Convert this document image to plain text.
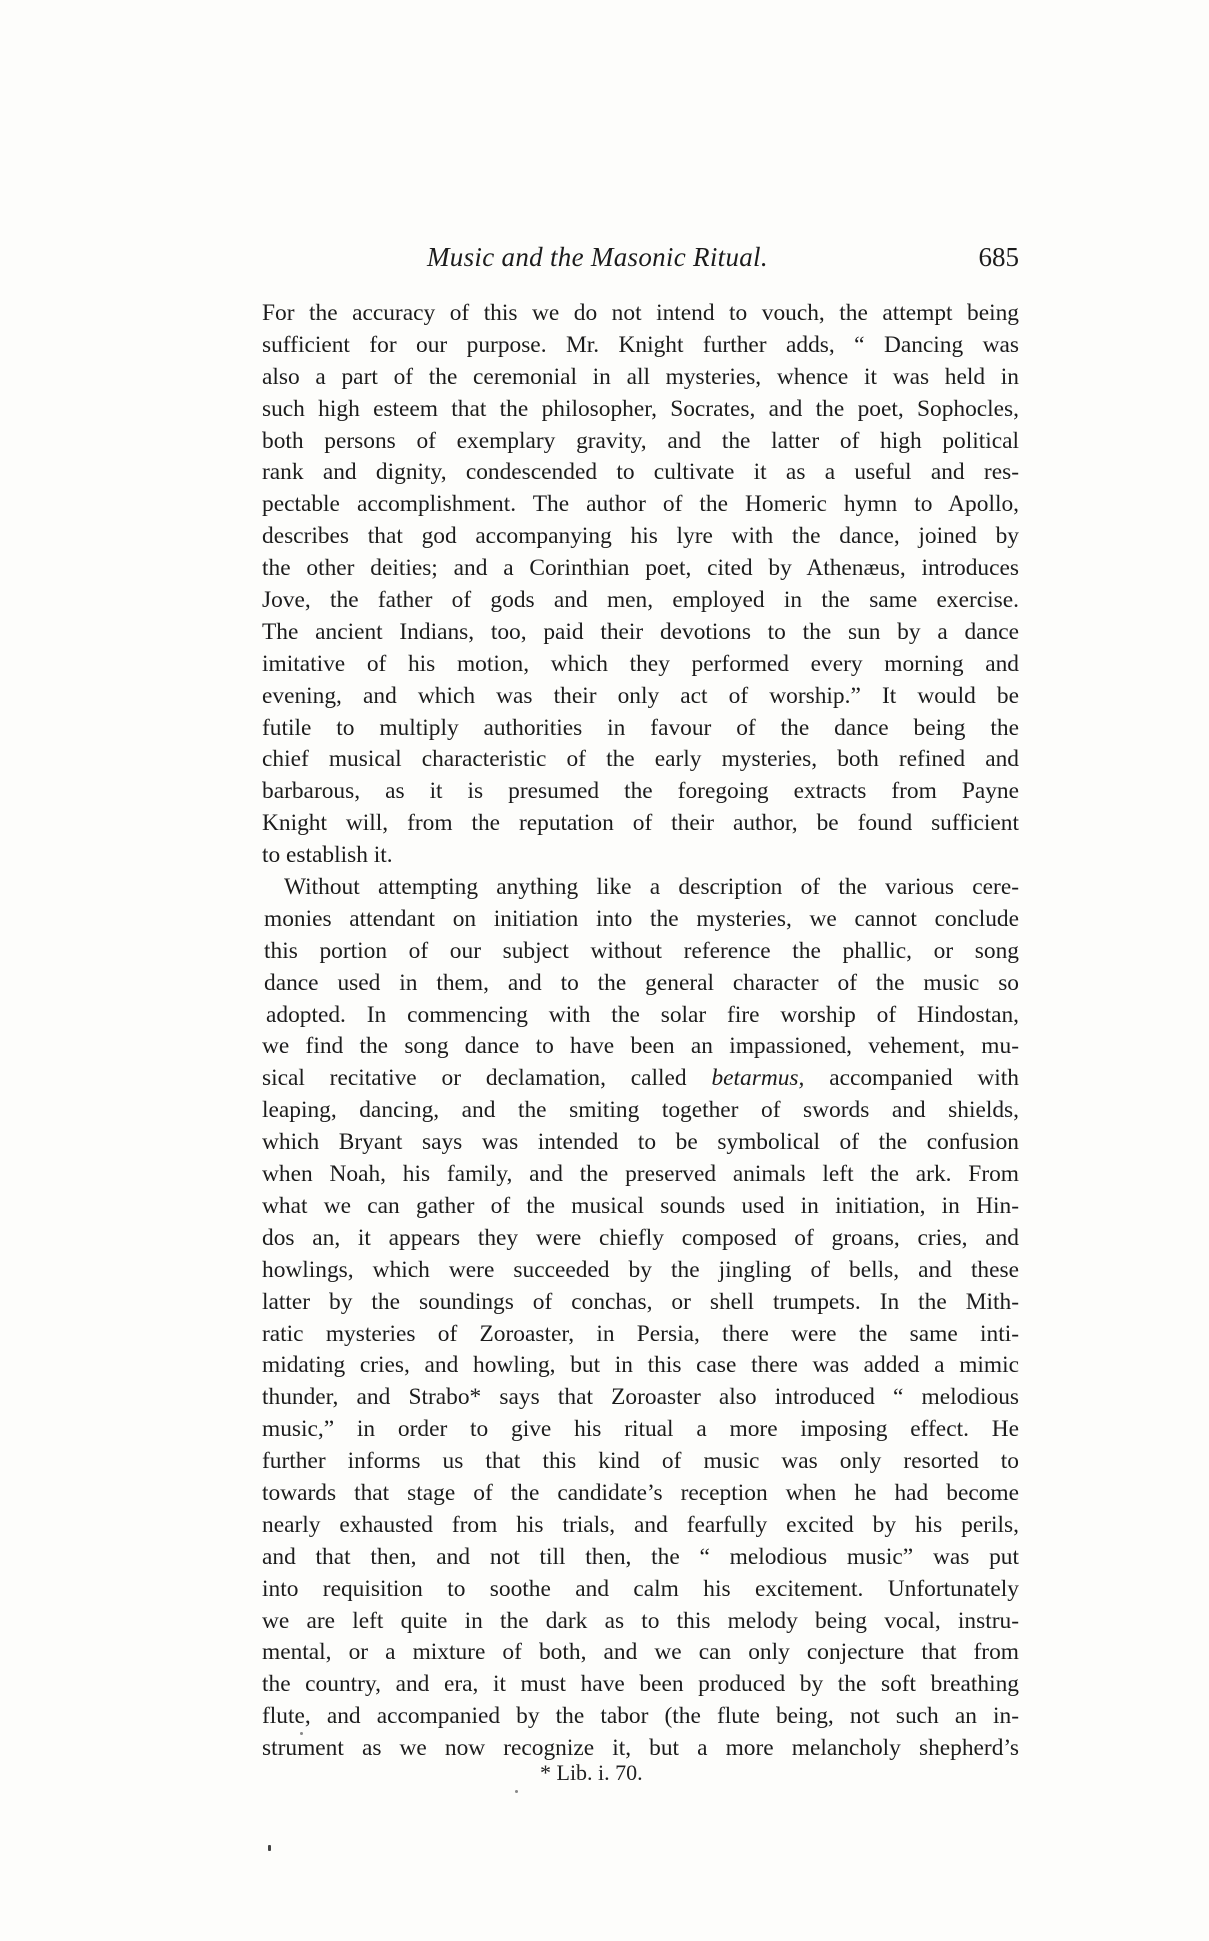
Music and the Masonic Ritual.	685
For the accuracy of this we do not intend to vouch, the attempt being
sufficient for our purpose. Mr. Knight further adds, “ Dancing was
also a part of the ceremonial in all mysteries, whence it was held in
such high esteem that the philosopher, Socrates, and the poet, Sophocles,
both persons of exemplary gravity, and the latter of high political
rank and dignity, condescended to cultivate it as a useful and res-
pectable accomplishment. The author of the Homeric hymn to Apollo,
describes that god accompanying his lyre with the dance, joined by
the other deities; and a Corinthian poet, cited by Athenæus, introduces
Jove, the father of gods and men, employed in the same exercise.
The ancient Indians, too, paid their devotions to the sun by a dance
imitative of his motion, which they performed every morning and
evening, and which was their only act of worship.” It would be
futile to multiply authorities in favour of the dance being the
chief musical characteristic of the early mysteries, both refined and
barbarous, as it is presumed the foregoing extracts from Payne
Knight will, from the reputation of their author, be found sufficient
to establish it.
Without attempting anything like a description of the various cere-
monies attendant on initiation into the mysteries, we cannot conclude
this portion of our subject without reference the phallic, or song
dance used in them, and to the general character of the music so
adopted. In commencing with the solar fire worship of Hindostan,
we find the song dance to have been an impassioned, vehement, mu-
sical recitative or declamation, called betarmus, accompanied with
leaping, dancing, and the smiting together of swords and shields,
which Bryant says was intended to be symbolical of the confusion
when Noah, his family, and the preserved animals left the ark. From
what we can gather of the musical sounds used in initiation, in Hin-
dos an, it appears they were chiefly composed of groans, cries, and
howlings, which were succeeded by the jingling of bells, and these
latter by the soundings of conchas, or shell trumpets. In the Mith-
ratic mysteries of Zoroaster, in Persia, there were the same inti-
midating cries, and howling, but in this case there was added a mimic
thunder, and Strabo* says that Zoroaster also introduced “ melodious
music,” in order to give his ritual a more imposing effect. He
further informs us that this kind of music was only resorted to
towards that stage of the candidate’s reception when he had become
nearly exhausted from his trials, and fearfully excited by his perils,
and that then, and not till then, the “ melodious music” was put
into requisition to soothe and calm his excitement. Unfortunately
we are left quite in the dark as to this melody being vocal, instru-
mental, or a mixture of both, and we can only conjecture that from
the country, and era, it must have been produced by the soft breathing
flute, and accompanied by the tabor (the flute being, not such an in-
strument as we now recognize it, but a more melancholy shepherd’s
* Lib. i. 70.
